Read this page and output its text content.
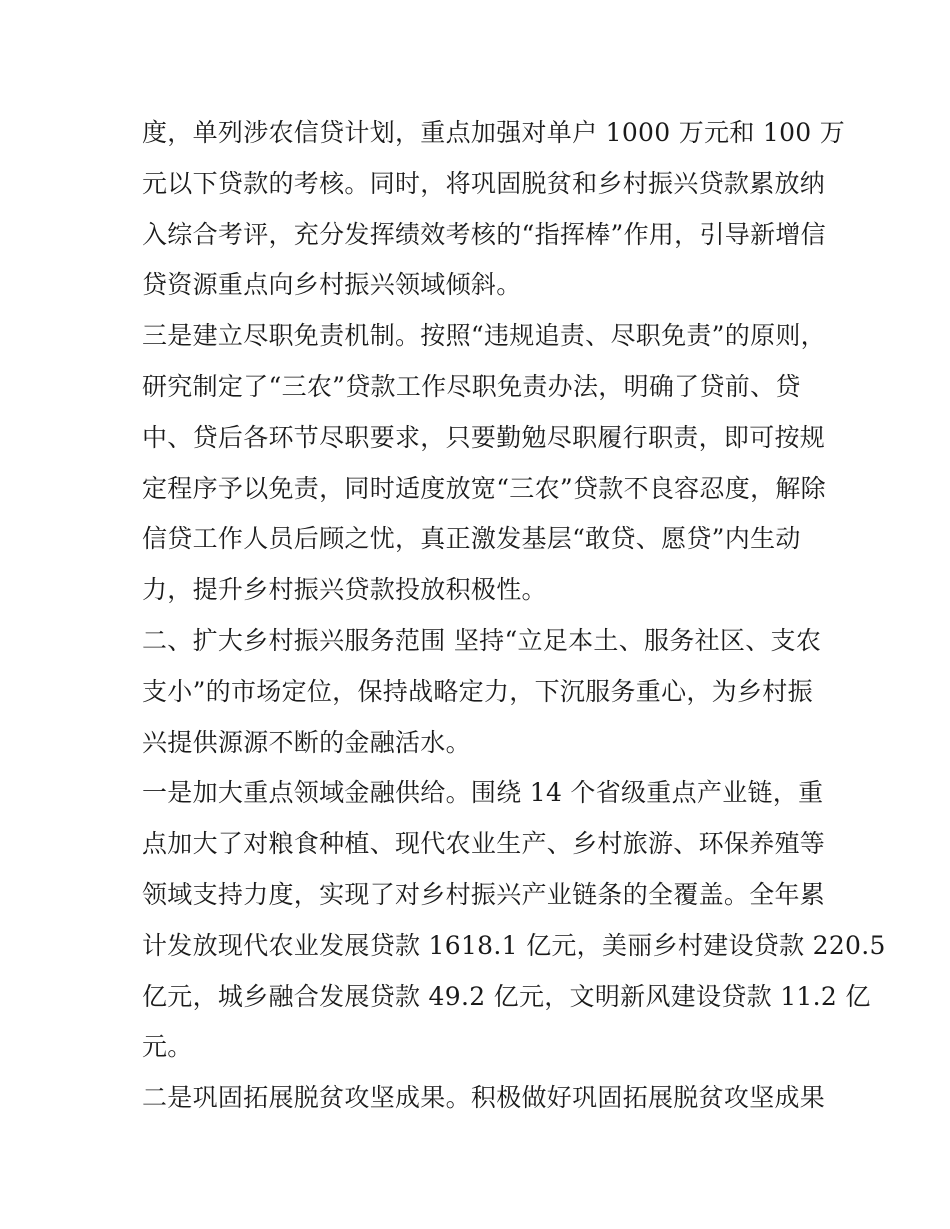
度，单列涉农信贷计划，重点加强对单户 1000 万元和 100 万
元以下贷款的考核。同时，将巩固脱贫和乡村振兴贷款累放纳
入综合考评，充分发挥绩效考核的“指挥棒”作用，引导新增信
贷资源重点向乡村振兴领域倾斜。
三是建立尽职免责机制。按照“违规追责、尽职免责”的原则，
研究制定了“三农”贷款工作尽职免责办法，明确了贷前、贷
中、贷后各环节尽职要求，只要勤勉尽职履行职责，即可按规
定程序予以免责，同时适度放宽“三农”贷款不良容忍度，解除
信贷工作人员后顾之忧，真正激发基层“敢贷、愿贷”内生动
力，提升乡村振兴贷款投放积极性。
二、扩大乡村振兴服务范围 坚持“立足本土、服务社区、支农
支小”的市场定位，保持战略定力，下沉服务重心，为乡村振
兴提供源源不断的金融活水。
一是加大重点领域金融供给。围绕 14 个省级重点产业链，重
点加大了对粮食种植、现代农业生产、乡村旅游、环保养殖等
领域支持力度，实现了对乡村振兴产业链条的全覆盖。全年累
计发放现代农业发展贷款 1618.1 亿元，美丽乡村建设贷款 220.5
亿元，城乡融合发展贷款 49.2 亿元，文明新风建设贷款 11.2 亿
元。
二是巩固拓展脱贫攻坚成果。积极做好巩固拓展脱贫攻坚成果
